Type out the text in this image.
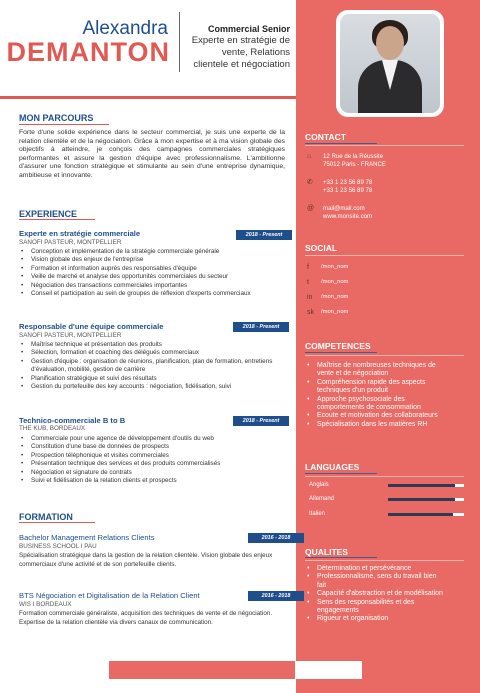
Alexandra
DEMANTON
Commercial Senior
Experte en stratégie de
vente, Relations
clientele et négociation
MON PARCOURS
Forte d'une solide expérience dans le secteur commercial, je suis une experte de la relation clientèle et de la négociation. Grâce à mon expertise et à ma vision globale des objectifs à atteindre, je conçois des campagnes commerciales stratégiques performantes et assure la gestion d'équipe avec professionnalisme. L'ambitionne d'assurer une fonction stratégique et stimulante au sein d'une entreprise dynamique, ambitieuse et innovante.
EXPERIENCE
Experte en stratégie commerciale	2018 - Present
SANOFI PASTEUR, MONTPELLIER
• Conception et implémentation de la stratégie commerciale générale
• Vision globale des enjeux de l'entreprise
• Formation et information auprès des responsables d'équipe
• Veille de marché et analyse des opportunités commerciales du secteur
• Négociation des transactions commerciales importantes
• Conseil et participation au sein de groupes de réflexion d'experts commerciaux
Responsable d'une équipe commerciale	2018 - Present
SANOFI PASTEUR, MONTPELLIER
• Maîtrise technique et présentation des produits
• Sélection, formation et coaching des délégués commerciaux
• Gestion d'équipe : organisation de réunions, planification, plan de formation, entretiens
d'évaluation, mobilité, gestion de carrière
• Planification stratégique et suivi des résultats
• Gestion du portefeuille des key accounts : négociation, fidélisation, suivi
Technico-commerciale B to B	2018 - Present
THE KUB, BORDEAUX
• Commerciale pour une agence de développement d'outils du web
• Constitution d'une base de données de prospects
• Prospection téléphonique et visites commerciales
• Présentation technique des services et des produits commercialisés
• Négociation et signature de contrats
• Suivi et fidélisation de la relation clients et prospects
FORMATION
Bachelor Management Relations Clients	2016 - 2018
BUSINESS SCHOOL I PAU
Spécialisation stratégique dans la gestion de la relation clientèle. Vision globale des enjeux
commerciaux d'une activité et de son portefeuille clients.
BTS Négociation et Digitalisation de la Relation Client	2016 - 2018
WIS I BORDEAUX
Formation commerciale généraliste, acquisition des techniques de vente et de négociation.
Expertise de la relation clientèle via divers canaux de communication.
CONTACT
⌂	12 Rue de la Réussite
75012 Paris - FRANCE
✆	+33 1 23 56 89 78
+33 1 23 56 89 78
@ mail@mail.com
www.monsite.com
SOCIAL
f	/mon_nom
t	/mon_nom
in	/mon_nom
sk /mon_nom
COMPETENCES
• Maîtrise de nombreuses techniques de
vente et de négociation
• Compréhension rapide des aspects
techniques d'un produit
• Approche psychosociale des
comportements de consommation
• Ecoute et motivation des collaborateurs
• Spécialisation dans les matières RH
LANGUAGES
Anglais
Allemand
Italien
QUALITES
• Détermination et persévérance
• Professionnalisme, sens du travail bien
fait
• Capacité d'abstraction et de modélisation
• Sens des responsabilités et des
engagements
• Rigueur et organisation
